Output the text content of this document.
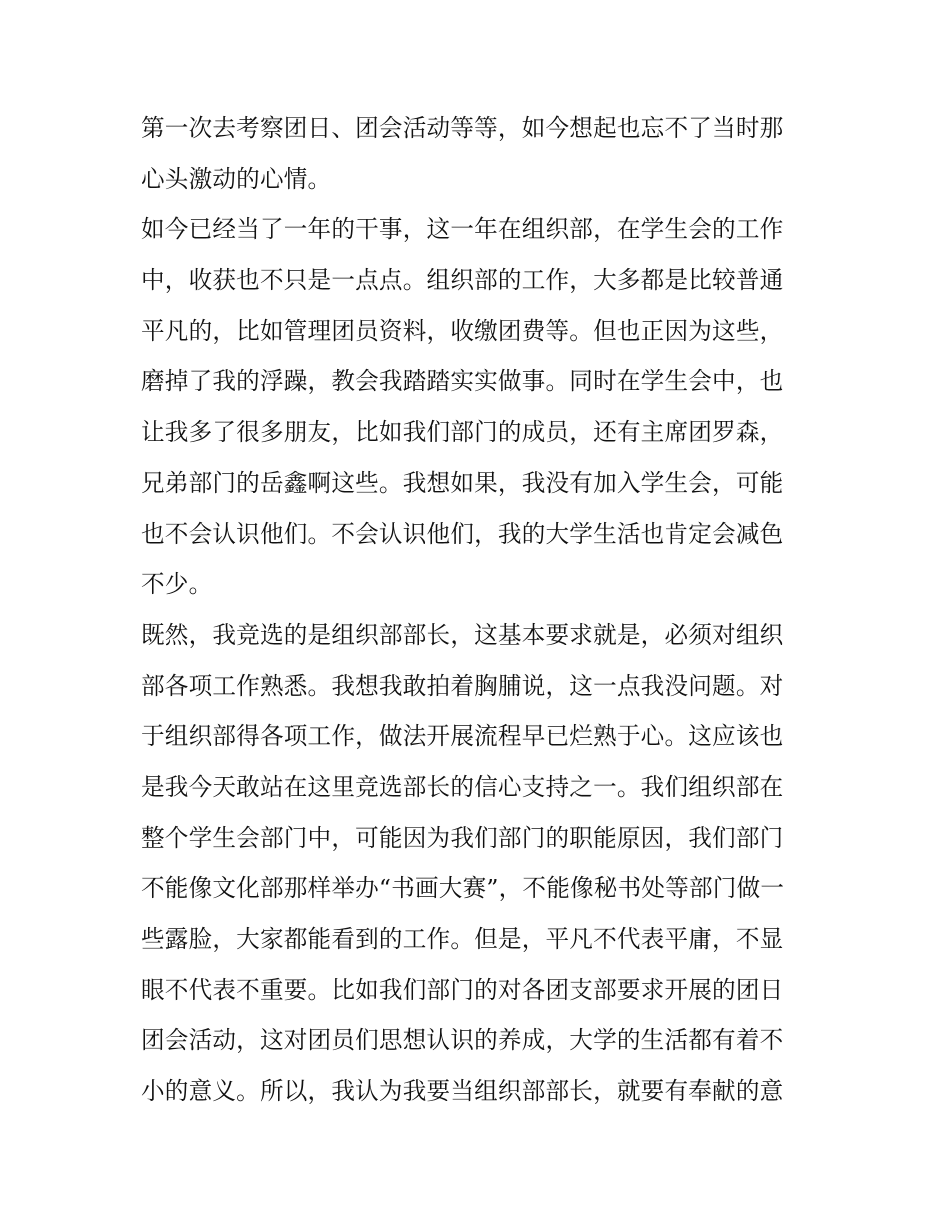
第一次去考察团日、团会活动等等，如今想起也忘不了当时那
心头激动的心情。
如今已经当了一年的干事，这一年在组织部，在学生会的工作
中，收获也不只是一点点。组织部的工作，大多都是比较普通
平凡的，比如管理团员资料，收缴团费等。但也正因为这些，
磨掉了我的浮躁，教会我踏踏实实做事。同时在学生会中，也
让我多了很多朋友，比如我们部门的成员，还有主席团罗森，
兄弟部门的岳鑫啊这些。我想如果，我没有加入学生会，可能
也不会认识他们。不会认识他们，我的大学生活也肯定会减色
不少。
既然，我竞选的是组织部部长，这基本要求就是，必须对组织
部各项工作熟悉。我想我敢拍着胸脯说，这一点我没问题。对
于组织部得各项工作，做法开展流程早已烂熟于心。这应该也
是我今天敢站在这里竞选部长的信心支持之一。我们组织部在
整个学生会部门中，可能因为我们部门的职能原因，我们部门
不能像文化部那样举办“书画大赛”，不能像秘书处等部门做一
些露脸，大家都能看到的工作。但是，平凡不代表平庸，不显
眼不代表不重要。比如我们部门的对各团支部要求开展的团日
团会活动，这对团员们思想认识的养成，大学的生活都有着不
小的意义。所以，我认为我要当组织部部长，就要有奉献的意
